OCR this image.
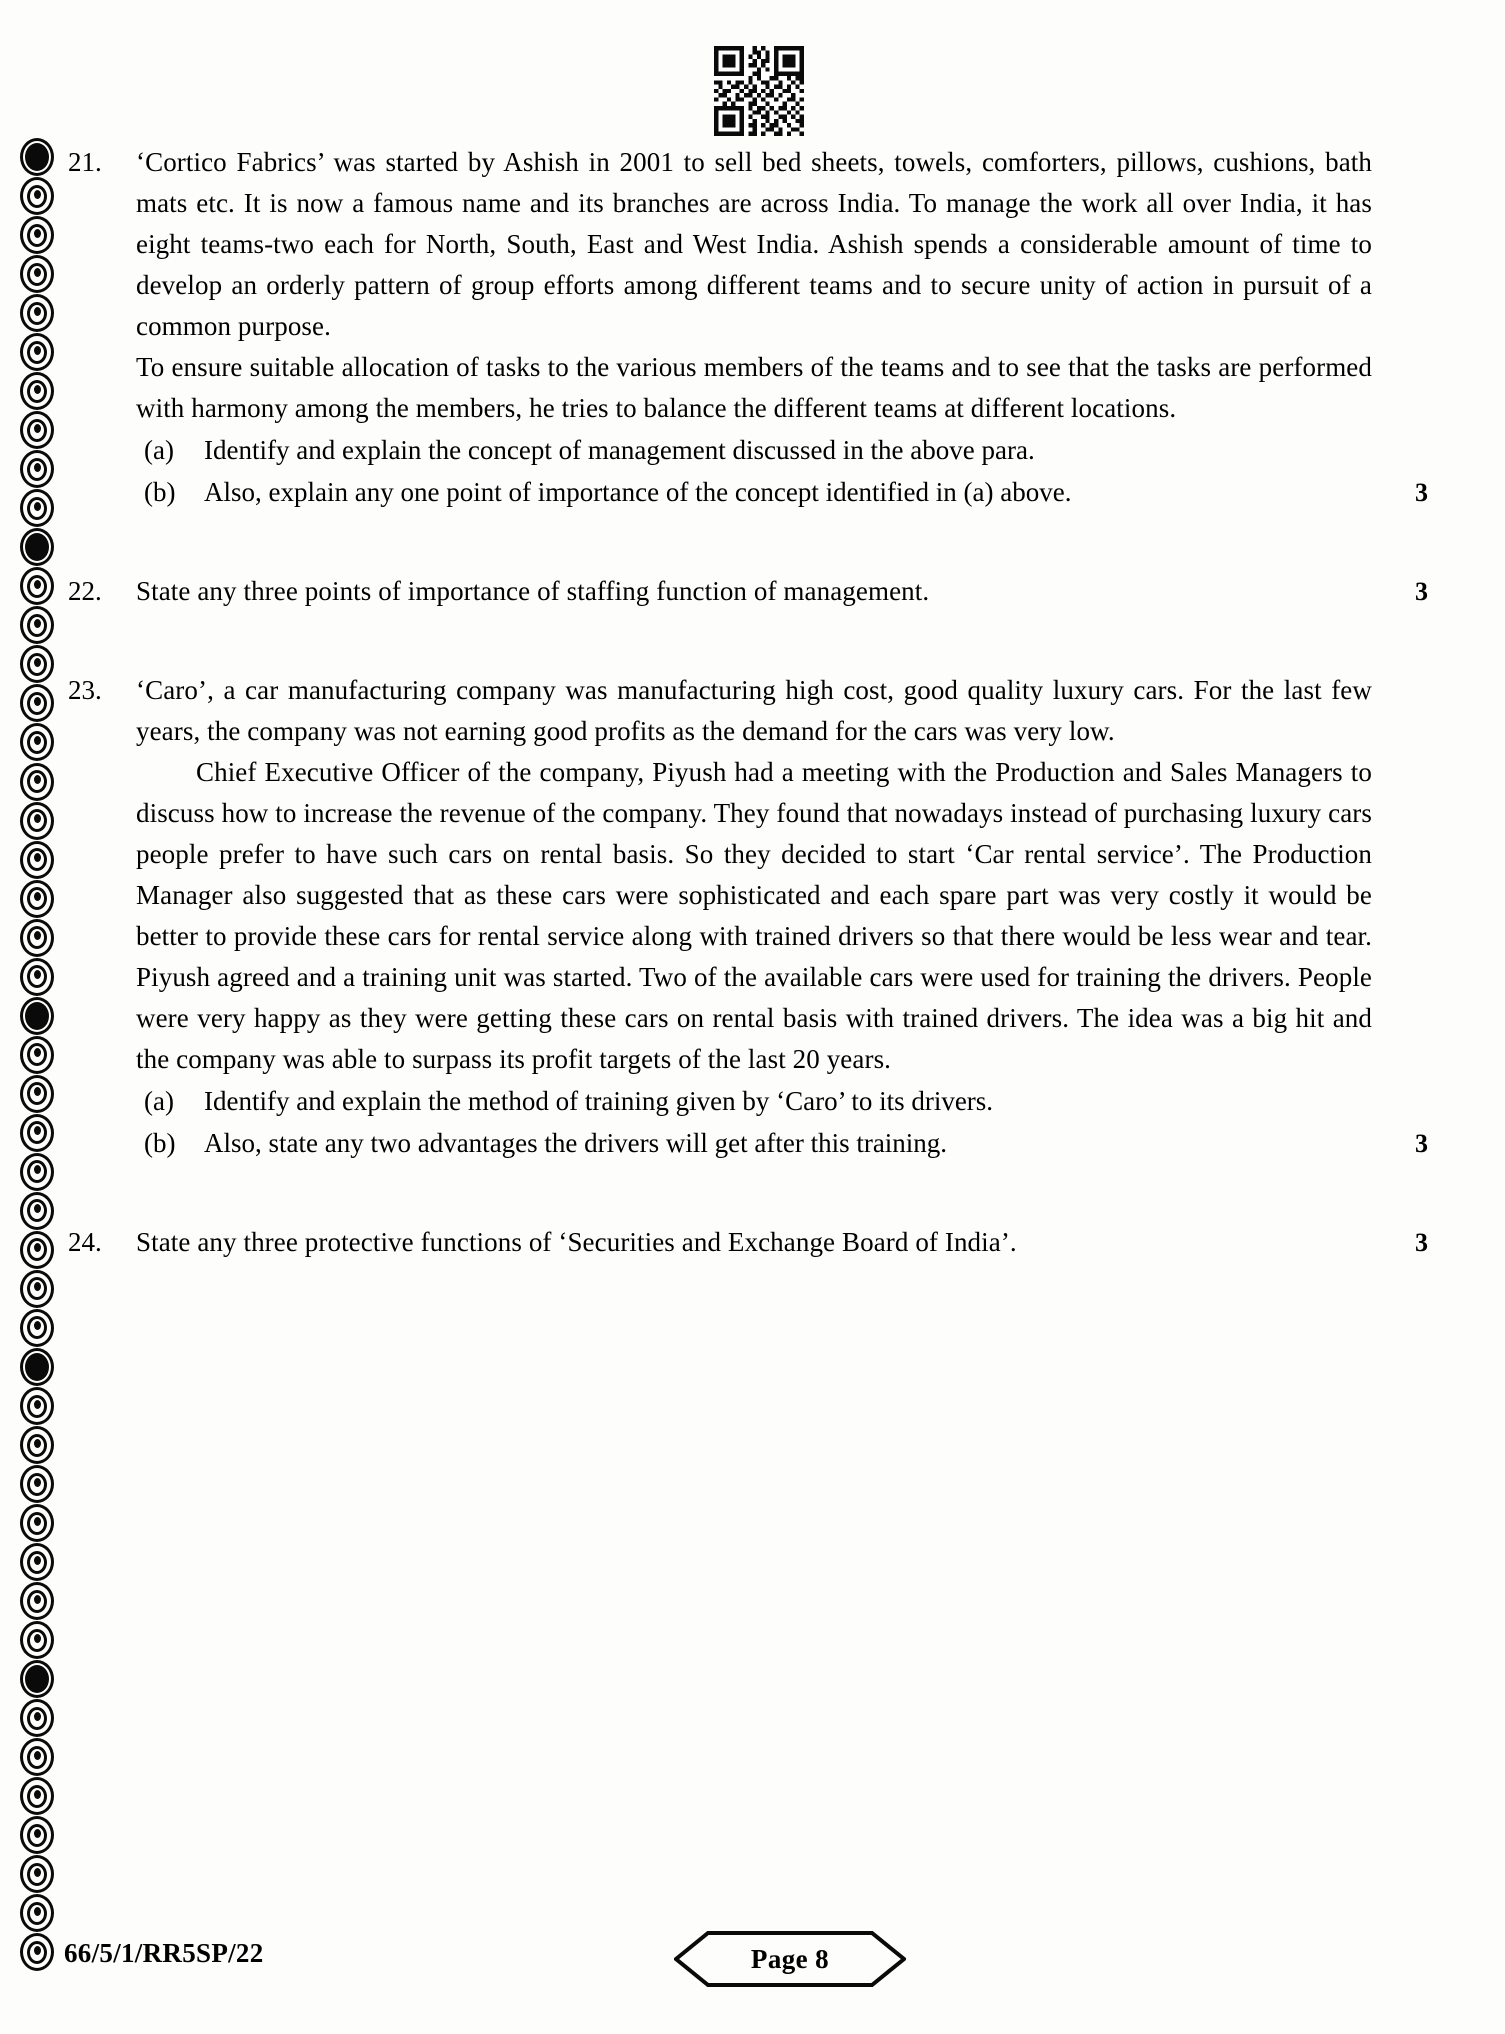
21.	‘Cortico Fabrics’ was started by Ashish in 2001 to sell bed sheets, towels, comforters, pillows, cushions, bath mats etc. It is now a famous name and its branches are across India. To manage the work all over India, it has eight teams-two each for North, South, East and West India. Ashish spends a considerable amount of time to develop an orderly pattern of group efforts among different teams and to secure unity of action in pursuit of a common purpose.

To ensure suitable allocation of tasks to the various members of the teams and to see that the tasks are performed with harmony among the members, he tries to balance the different teams at different locations.

(a)	Identify and explain the concept of management discussed in the above para.
(b)	Also, explain any one point of importance of the concept identified in (a) above.	3
22.	State any three points of importance of staffing function of management.	3
23.	‘Caro’, a car manufacturing company was manufacturing high cost, good quality luxury cars. For the last few years, the company was not earning good profits as the demand for the cars was very low.

Chief Executive Officer of the company, Piyush had a meeting with the Production and Sales Managers to discuss how to increase the revenue of the company. They found that nowadays instead of purchasing luxury cars people prefer to have such cars on rental basis. So they decided to start ‘Car rental service’. The Production Manager also suggested that as these cars were sophisticated and each spare part was very costly it would be better to provide these cars for rental service along with trained drivers so that there would be less wear and tear. Piyush agreed and a training unit was started. Two of the available cars were used for training the drivers. People were very happy as they were getting these cars on rental basis with trained drivers. The idea was a big hit and the company was able to surpass its profit targets of the last 20 years.

(a)	Identify and explain the method of training given by ‘Caro’ to its drivers.
(b)	Also, state any two advantages the drivers will get after this training.	3
24.	State any three protective functions of ‘Securities and Exchange Board of India’.	3
66/5/1/RR5SP/22	Page 8
